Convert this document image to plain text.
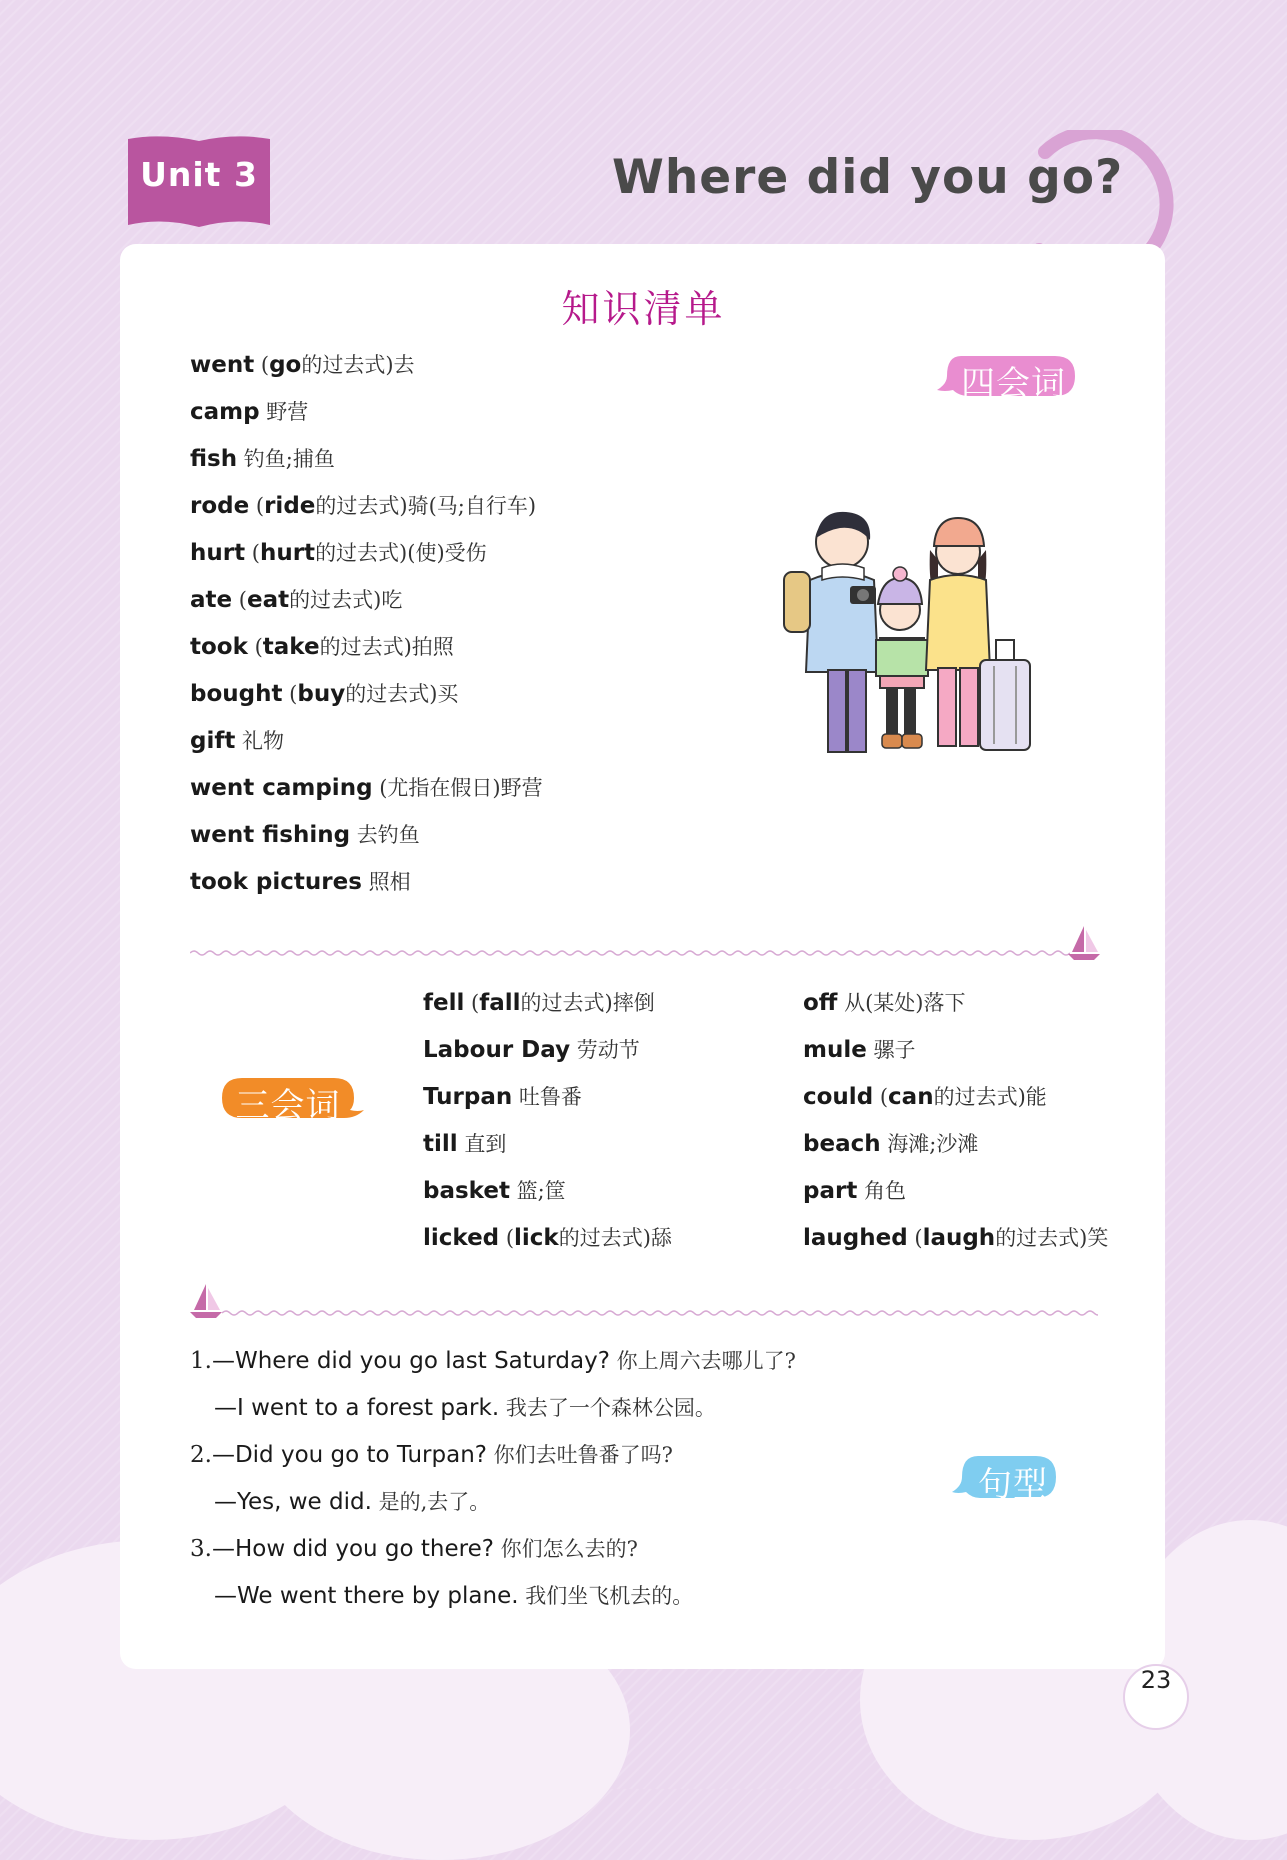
Unit 3	Where did you go?
知识清单
四会词
went (go的过去式)去
camp 野营
fish 钓鱼;捕鱼
rode (ride的过去式)骑(马;自行车)
hurt (hurt的过去式)(使)受伤
ate (eat的过去式)吃
took (take的过去式)拍照
bought (buy的过去式)买
gift 礼物
went camping (尤指在假日)野营
went fishing 去钓鱼
took pictures 照相
三会词
fell (fall的过去式)摔倒
Labour Day 劳动节
Turpan 吐鲁番
till 直到
basket 篮;筐
licked (lick的过去式)舔
off 从(某处)落下
mule 骡子
could (can的过去式)能
beach 海滩;沙滩
part 角色
laughed (laugh的过去式)笑
句型
1.—Where did you go last Saturday? 你上周六去哪儿了?
—I went to a forest park. 我去了一个森林公园。
2.—Did you go to Turpan? 你们去吐鲁番了吗?
—Yes, we did. 是的,去了。
3.—How did you go there? 你们怎么去的?
—We went there by plane. 我们坐飞机去的。
23
